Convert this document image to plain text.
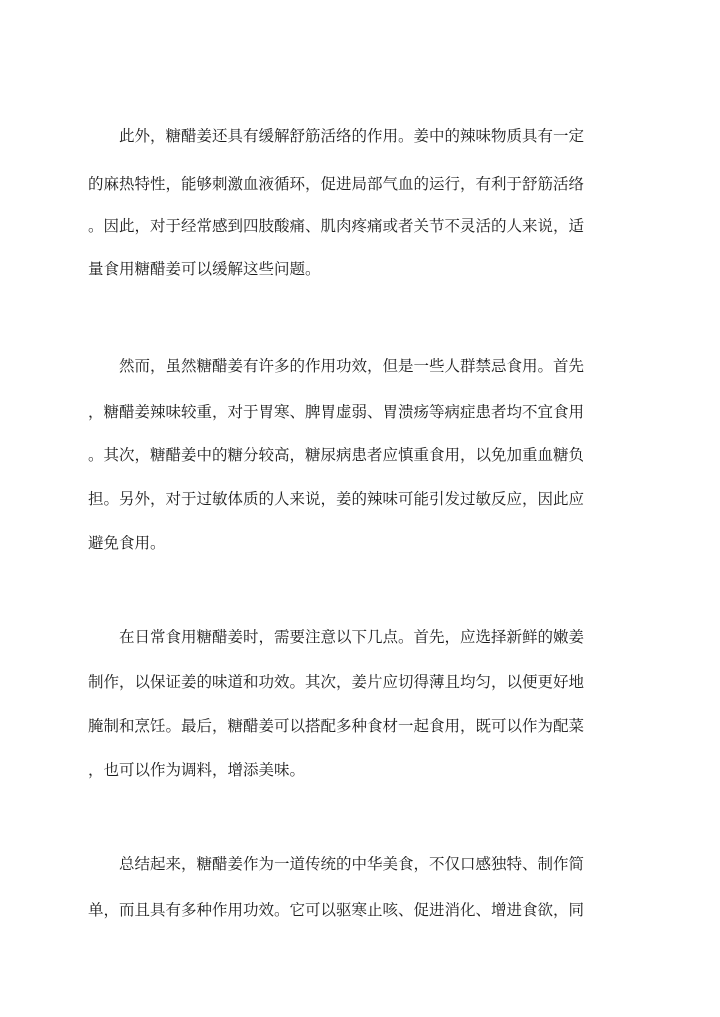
　　此外，糖醋姜还具有缓解舒筋活络的作用。姜中的辣味物质具有一定
的麻热特性，能够刺激血液循环，促进局部气血的运行，有利于舒筋活络
。因此，对于经常感到四肢酸痛、肌肉疼痛或者关节不灵活的人来说，适
量食用糖醋姜可以缓解这些问题。
　　然而，虽然糖醋姜有许多的作用功效，但是一些人群禁忌食用。首先
，糖醋姜辣味较重，对于胃寒、脾胃虚弱、胃溃疡等病症患者均不宜食用
。其次，糖醋姜中的糖分较高，糖尿病患者应慎重食用，以免加重血糖负
担。另外，对于过敏体质的人来说，姜的辣味可能引发过敏反应，因此应
避免食用。
　　在日常食用糖醋姜时，需要注意以下几点。首先，应选择新鲜的嫩姜
制作，以保证姜的味道和功效。其次，姜片应切得薄且均匀，以便更好地
腌制和烹饪。最后，糖醋姜可以搭配多种食材一起食用，既可以作为配菜
，也可以作为调料，增添美味。
　　总结起来，糖醋姜作为一道传统的中华美食，不仅口感独特、制作简
单，而且具有多种作用功效。它可以驱寒止咳、促进消化、增进食欲，同
